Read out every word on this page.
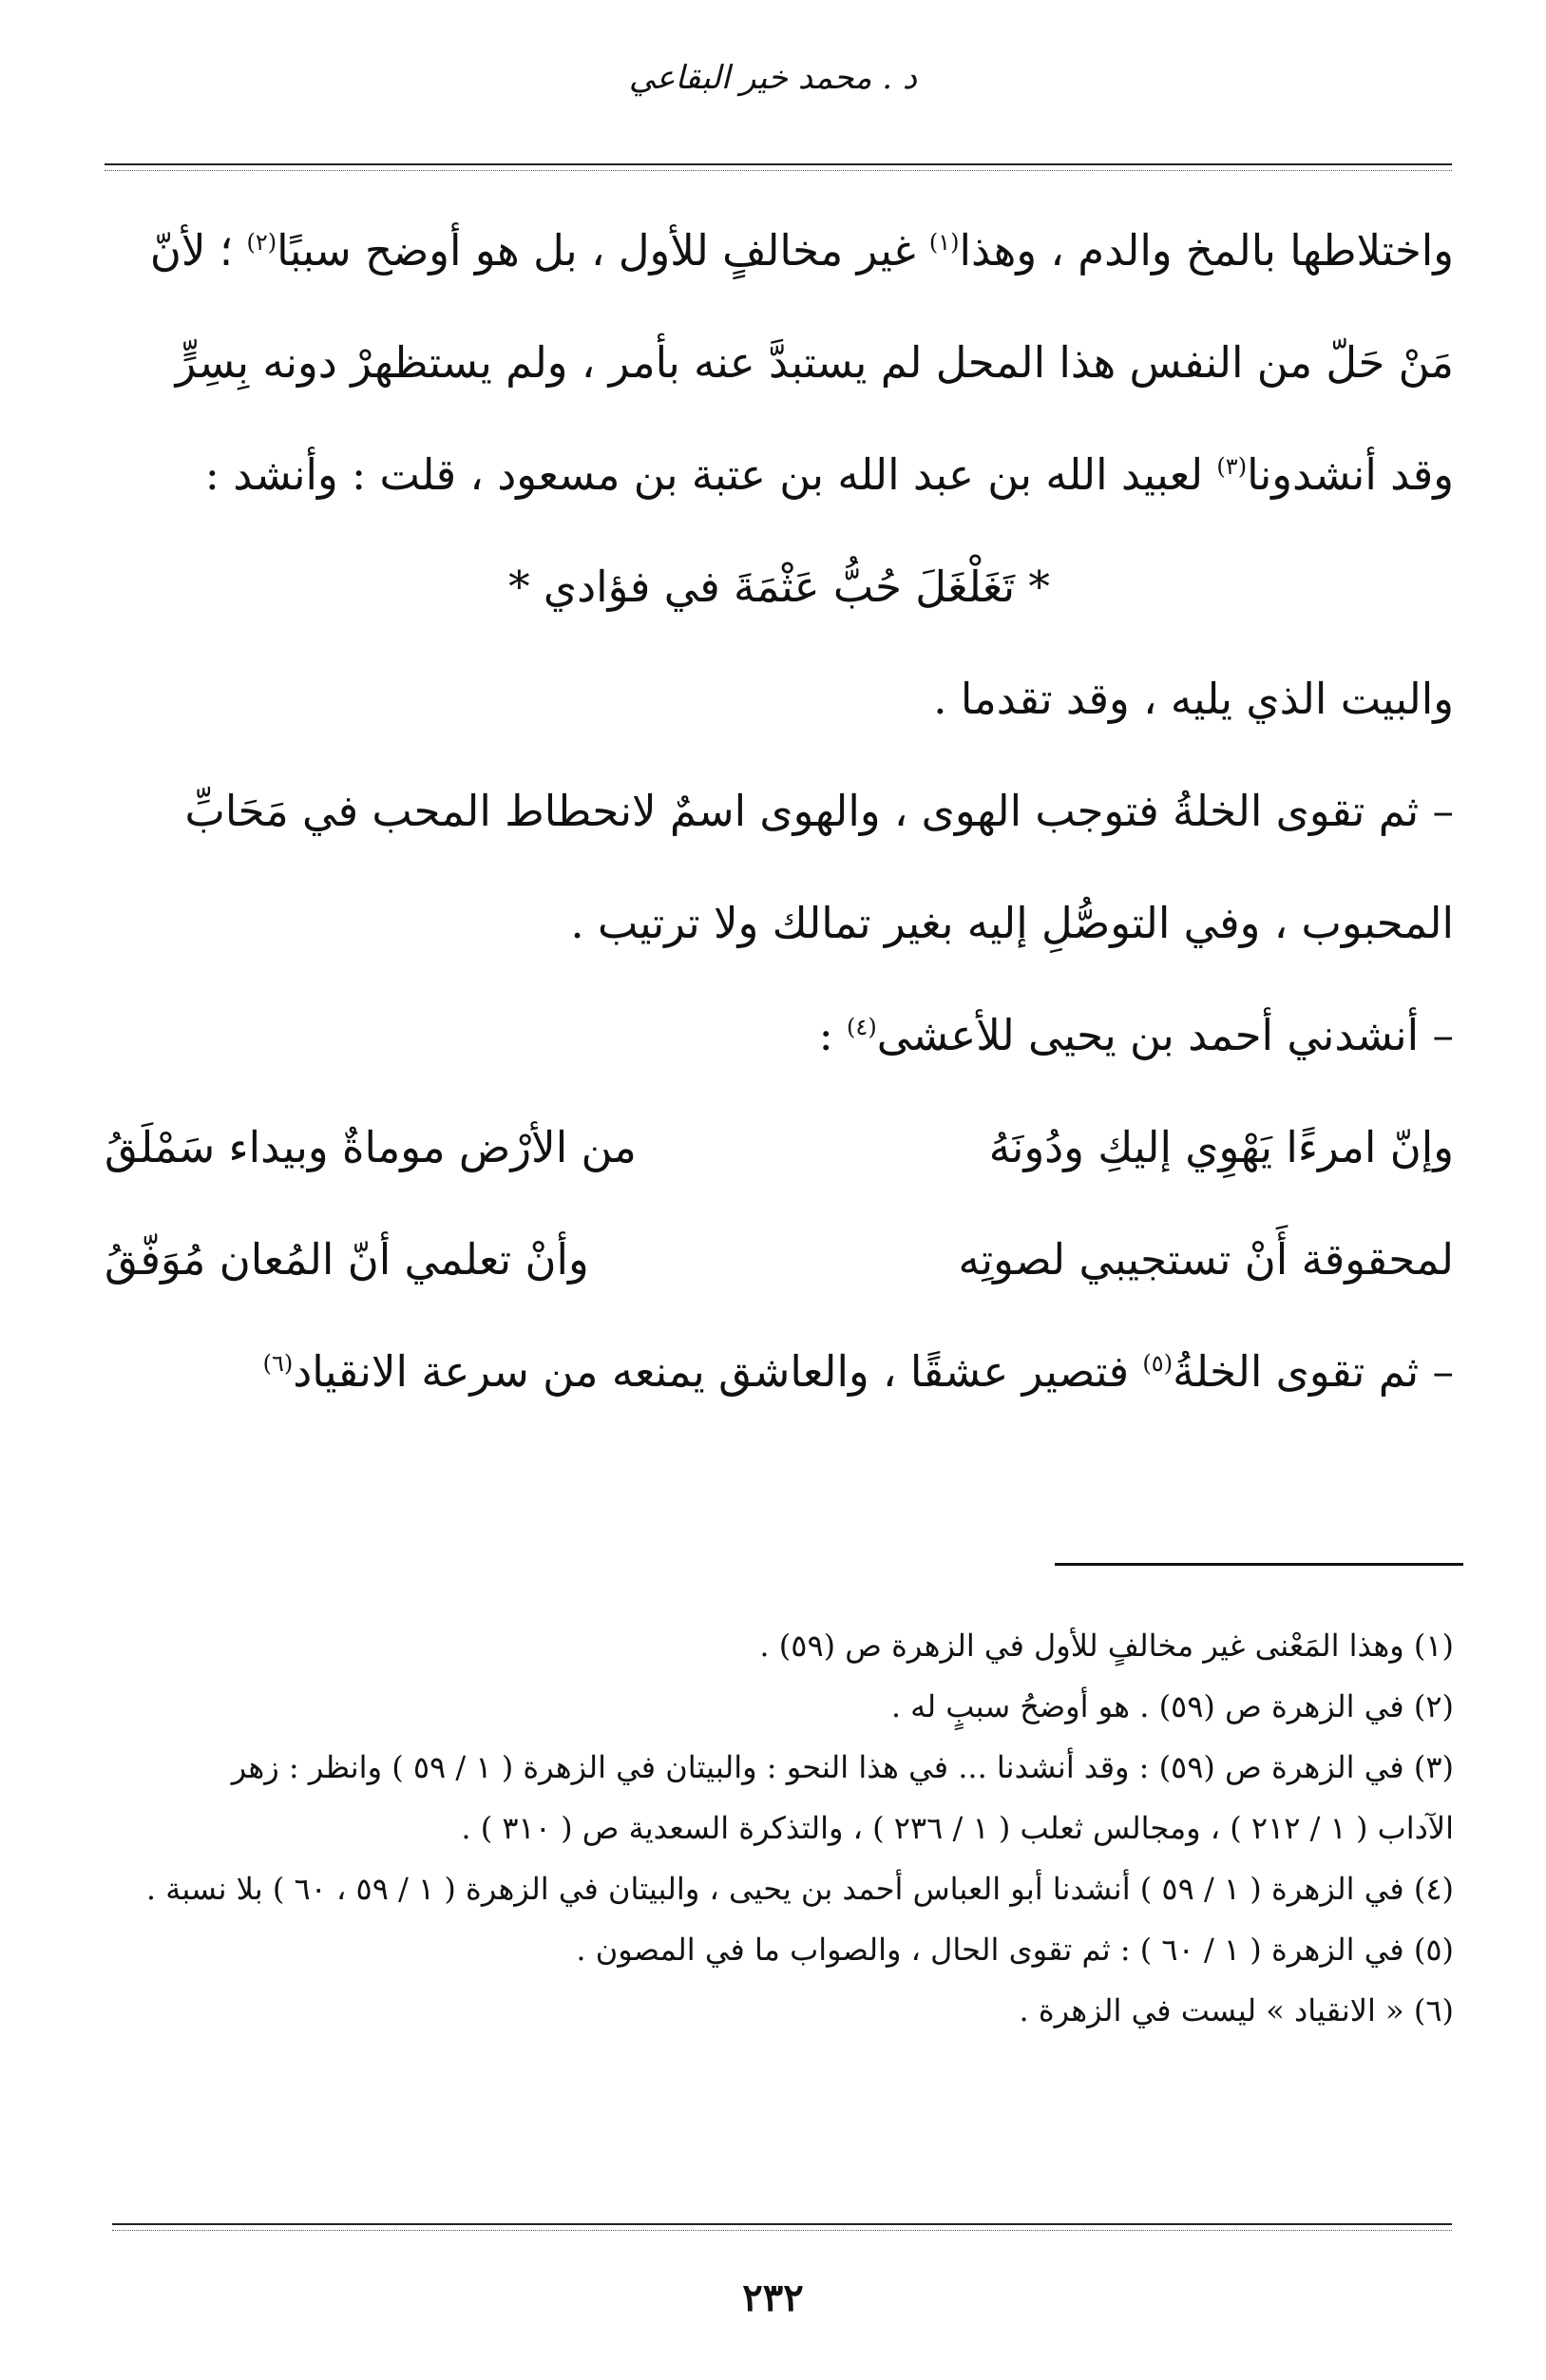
د . محمد خير البقاعي
واختلاطها بالمخ والدم ، وهذا$^{(١)}$ غير مخالفٍ للأول ، بل هو أوضح سببًا$^{(٢)}$ ؛ لأنّ
مَنْ حَلّ من النفس هذا المحل لم يستبدَّ عنه بأمر ، ولم يستظهرْ دونه بِسِرٍّ
وقد أنشدونا$^{(٣)}$ لعبيد الله بن عبد الله بن عتبة بن مسعود ، قلت : وأنشد :
* تَغَلْغَلَ حُبُّ عَثْمَةَ في فؤادي *
والبيت الذي يليه ، وقد تقدما .
– ثم تقوى الخلةُ فتوجب الهوى ، والهوى اسمٌ لانحطاط المحب في مَحَابِّ
المحبوب ، وفي التوصُّلِ إليه بغير تمالك ولا ترتيب .
– أنشدني أحمد بن يحيى للأعشى$^{(٤)}$ :
وإنّ امرءًا يَهْوِي إليكِ ودُونَهُ
من الأرْض موماةٌ وبيداء سَمْلَقُ
لمحقوقة أَنْ تستجيبي لصوتِه
وأنْ تعلمي أنّ المُعان مُوَفّقُ
– ثم تقوى الخلةُ$^{(٥)}$ فتصير عشقًا ، والعاشق يمنعه من سرعة الانقياد$^{(٦)}$
(١) وهذا المَعْنى غير مخالفٍ للأول في الزهرة ص (٥٩) .
(٢) في الزهرة ص (٥٩) . هو أوضحُ سببٍ له .
(٣) في الزهرة ص (٥٩) : وقد أنشدنا ... في هذا النحو : والبيتان في الزهرة ( ١ / ٥٩ ) وانظر : زهر
الآداب ( ١ / ٢١٢ ) ، ومجالس ثعلب ( ١ / ٢٣٦ ) ، والتذكرة السعدية ص ( ٣١٠ ) .
(٤) في الزهرة ( ١ / ٥٩ ) أنشدنا أبو العباس أحمد بن يحيى ، والبيتان في الزهرة ( ١ / ٥٩ ، ٦٠ ) بلا نسبة .
(٥) في الزهرة ( ١ / ٦٠ ) : ثم تقوى الحال ، والصواب ما في المصون .
(٦) « الانقياد » ليست في الزهرة .
٢٣٢
